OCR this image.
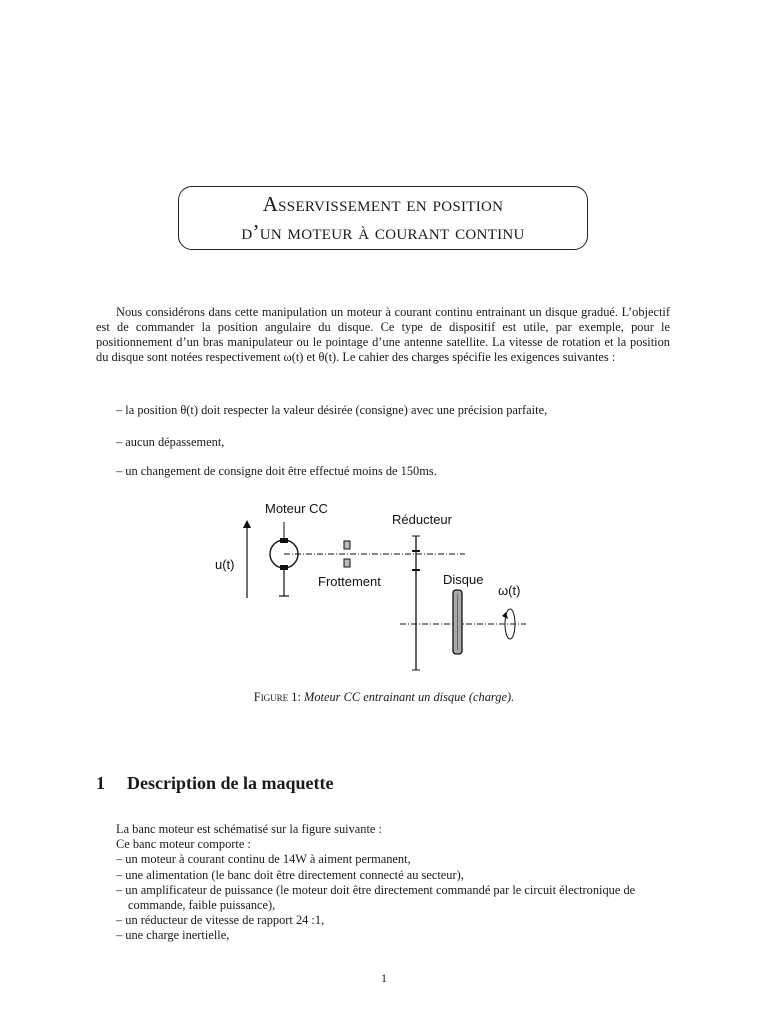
Asservissement en position
d’un moteur à courant continu
Nous considérons dans cette manipulation un moteur à courant continu entrainant un disque gradué. L’objectif est de commander la position angulaire du disque. Ce type de dispositif est utile, par exemple, pour le positionnement d’un bras manipulateur ou le pointage d’une antenne satellite. La vitesse de rotation et la position du disque sont notées respectivement ω(t) et θ(t). Le cahier des charges spécifie les exigences suivantes :
– la position θ(t) doit respecter la valeur désirée (consigne) avec une précision parfaite,
– aucun dépassement,
– un changement de consigne doit être effectué moins de 150ms.
u(t)
Moteur CC
Frottement
Réducteur
Disque
ω(t)
Figure 1: Moteur CC entrainant un disque (charge).
1 Description de la maquette
La banc moteur est schématisé sur la figure suivante :
Ce banc moteur comporte :
– un moteur à courant continu de 14W à aiment permanent,
– une alimentation (le banc doit être directement connecté au secteur),
– un amplificateur de puissance (le moteur doit être directement commandé par le circuit électronique de commande, faible puissance),
– un réducteur de vitesse de rapport 24 :1,
– une charge inertielle,
1
